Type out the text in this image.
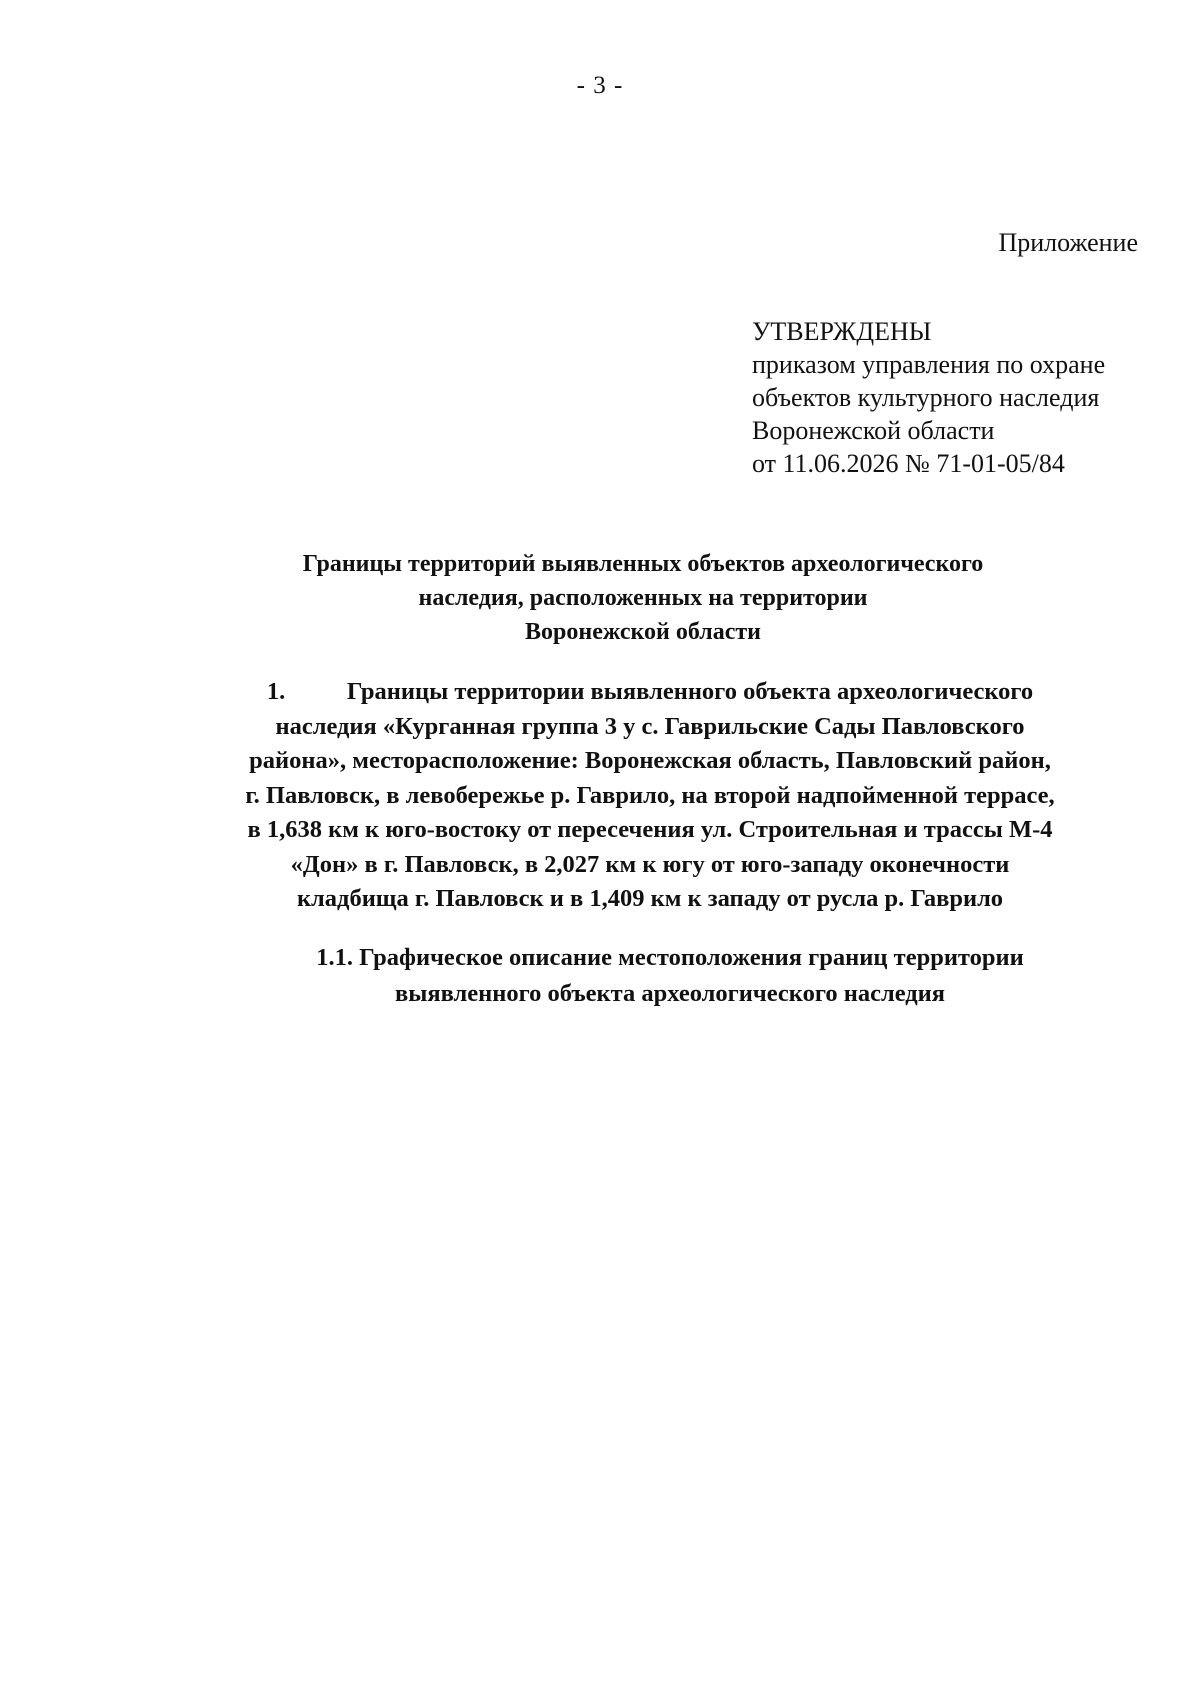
- 3 -
Приложение
УТВЕРЖДЕНЫ
приказом управления по охране
объектов культурного наследия
Воронежской области
от 11.06.2026 № 71-01-05/84
Границы территорий выявленных объектов археологического
наследия, расположенных на территории
Воронежской области
1.	Границы территории выявленного объекта археологического
наследия «Курганная группа 3 у с. Гаврильские Сады Павловского
района», месторасположение: Воронежская область, Павловский район,
г. Павловск, в левобережье р. Гаврило, на второй надпойменной террасе,
в 1,638 км к юго-востоку от пересечения ул. Строительная и трассы М-4
«Дон» в г. Павловск, в 2,027 км к югу от юго-западу оконечности
кладбища г. Павловск и в 1,409 км к западу от русла р. Гаврило
1.1. Графическое описание местоположения границ территории
выявленного объекта археологического наследия
